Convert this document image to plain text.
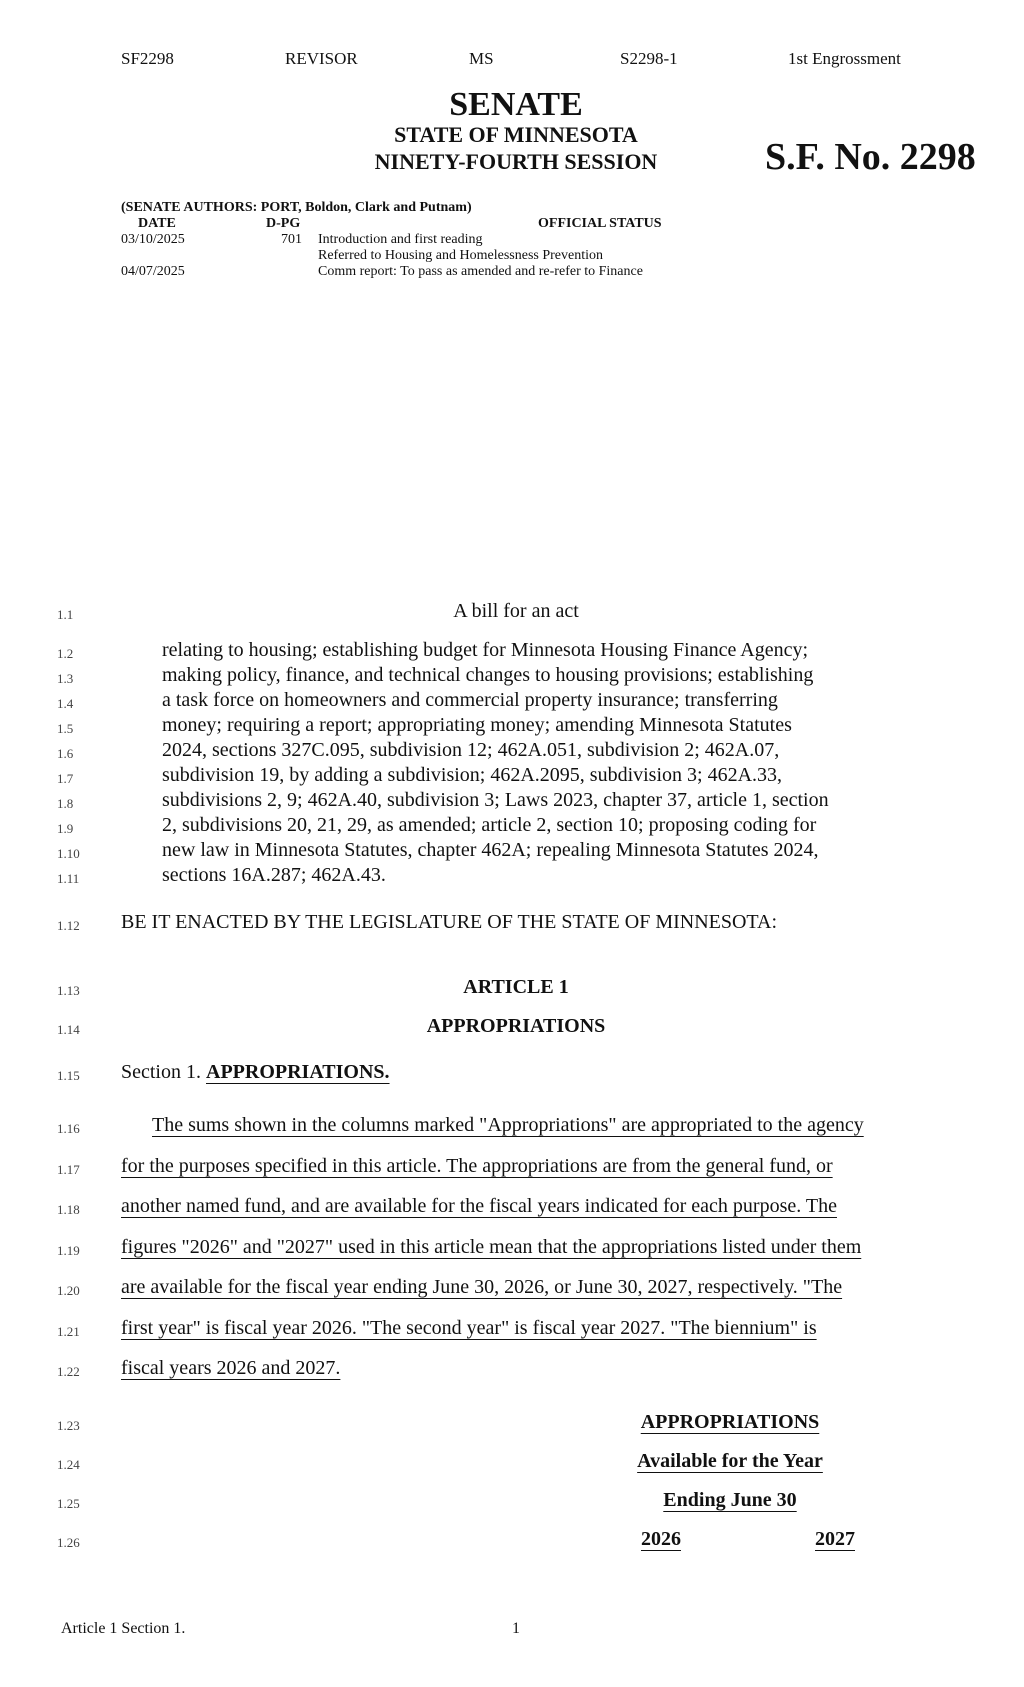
SF2298	REVISOR	MS	S2298-1	1st Engrossment
SENATE
STATE OF MINNESOTA
NINETY-FOURTH SESSION	S.F. No. 2298
(SENATE AUTHORS: PORT, Boldon, Clark and Putnam)
DATE	D-PG	OFFICIAL STATUS
03/10/2025	701 Introduction and first reading
Referred to Housing and Homelessness Prevention
04/07/2025	Comm report: To pass as amended and re-refer to Finance
1.1
1.2
1.3
1.4
1.5
1.6
1.7
1.8
1.9
1.10
1.11
1.12
1.13
1.14
1.15
1.16
1.17
1.18
1.19
1.20
1.21
1.22
1.23
1.24
1.25
1.26
A bill for an act
relating to housing; establishing budget for Minnesota Housing Finance Agency;
making policy, finance, and technical changes to housing provisions; establishing
a task force on homeowners and commercial property insurance; transferring
money; requiring a report; appropriating money; amending Minnesota Statutes
2024, sections 327C.095, subdivision 12; 462A.051, subdivision 2; 462A.07,
subdivision 19, by adding a subdivision; 462A.2095, subdivision 3; 462A.33,
subdivisions 2, 9; 462A.40, subdivision 3; Laws 2023, chapter 37, article 1, section
2, subdivisions 20, 21, 29, as amended; article 2, section 10; proposing coding for
new law in Minnesota Statutes, chapter 462A; repealing Minnesota Statutes 2024,
sections 16A.287; 462A.43.
BE IT ENACTED BY THE LEGISLATURE OF THE STATE OF MINNESOTA:
ARTICLE 1
APPROPRIATIONS
Section 1. APPROPRIATIONS.
The sums shown in the columns marked "Appropriations" are appropriated to the agency
for the purposes specified in this article. The appropriations are from the general fund, or
another named fund, and are available for the fiscal years indicated for each purpose. The
figures "2026" and "2027" used in this article mean that the appropriations listed under them
are available for the fiscal year ending June 30, 2026, or June 30, 2027, respectively. "The
first year" is fiscal year 2026. "The second year" is fiscal year 2027. "The biennium" is
fiscal years 2026 and 2027.
APPROPRIATIONS
Available for the Year
Ending June 30
2026	2027
Article 1 Section 1.	1
